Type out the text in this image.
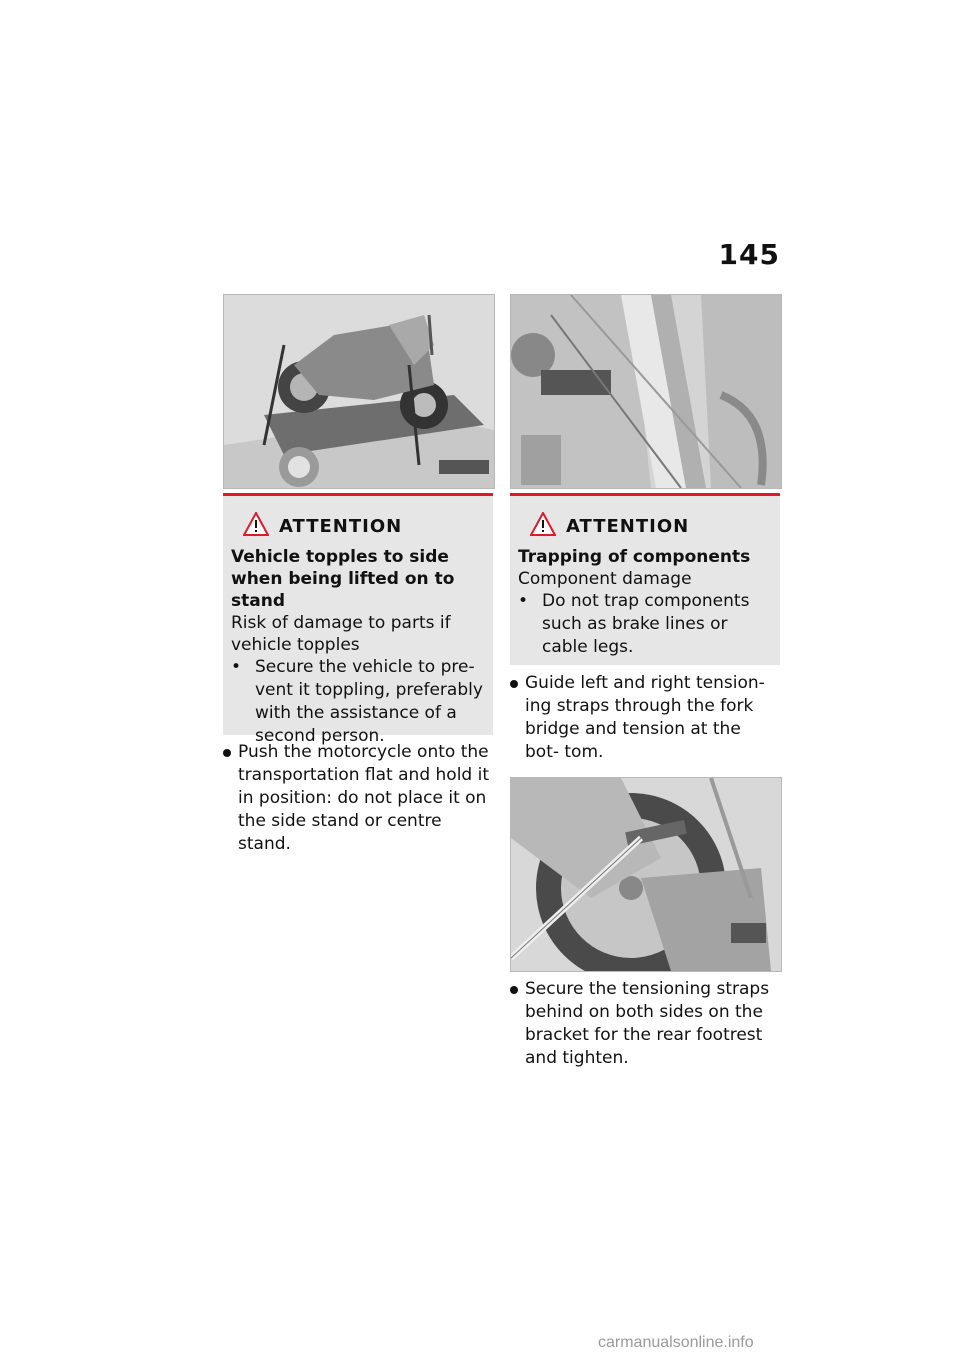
145
ATTENTION
Vehicle topples to side when being lifted on to stand

Risk of damage to parts if vehicle topples

• Secure the vehicle to pre- vent it toppling, preferably with the assistance of a second person.
Push the motorcycle onto the transportation flat and hold it in position: do not place it on the side stand or centre stand.
ATTENTION
Trapping of components

Component damage

• Do not trap components such as brake lines or cable legs.
Guide left and right tension- ing straps through the fork bridge and tension at the bot- tom.
Secure the tensioning straps behind on both sides on the bracket for the rear footrest and tighten.
carmanualsonline.info
